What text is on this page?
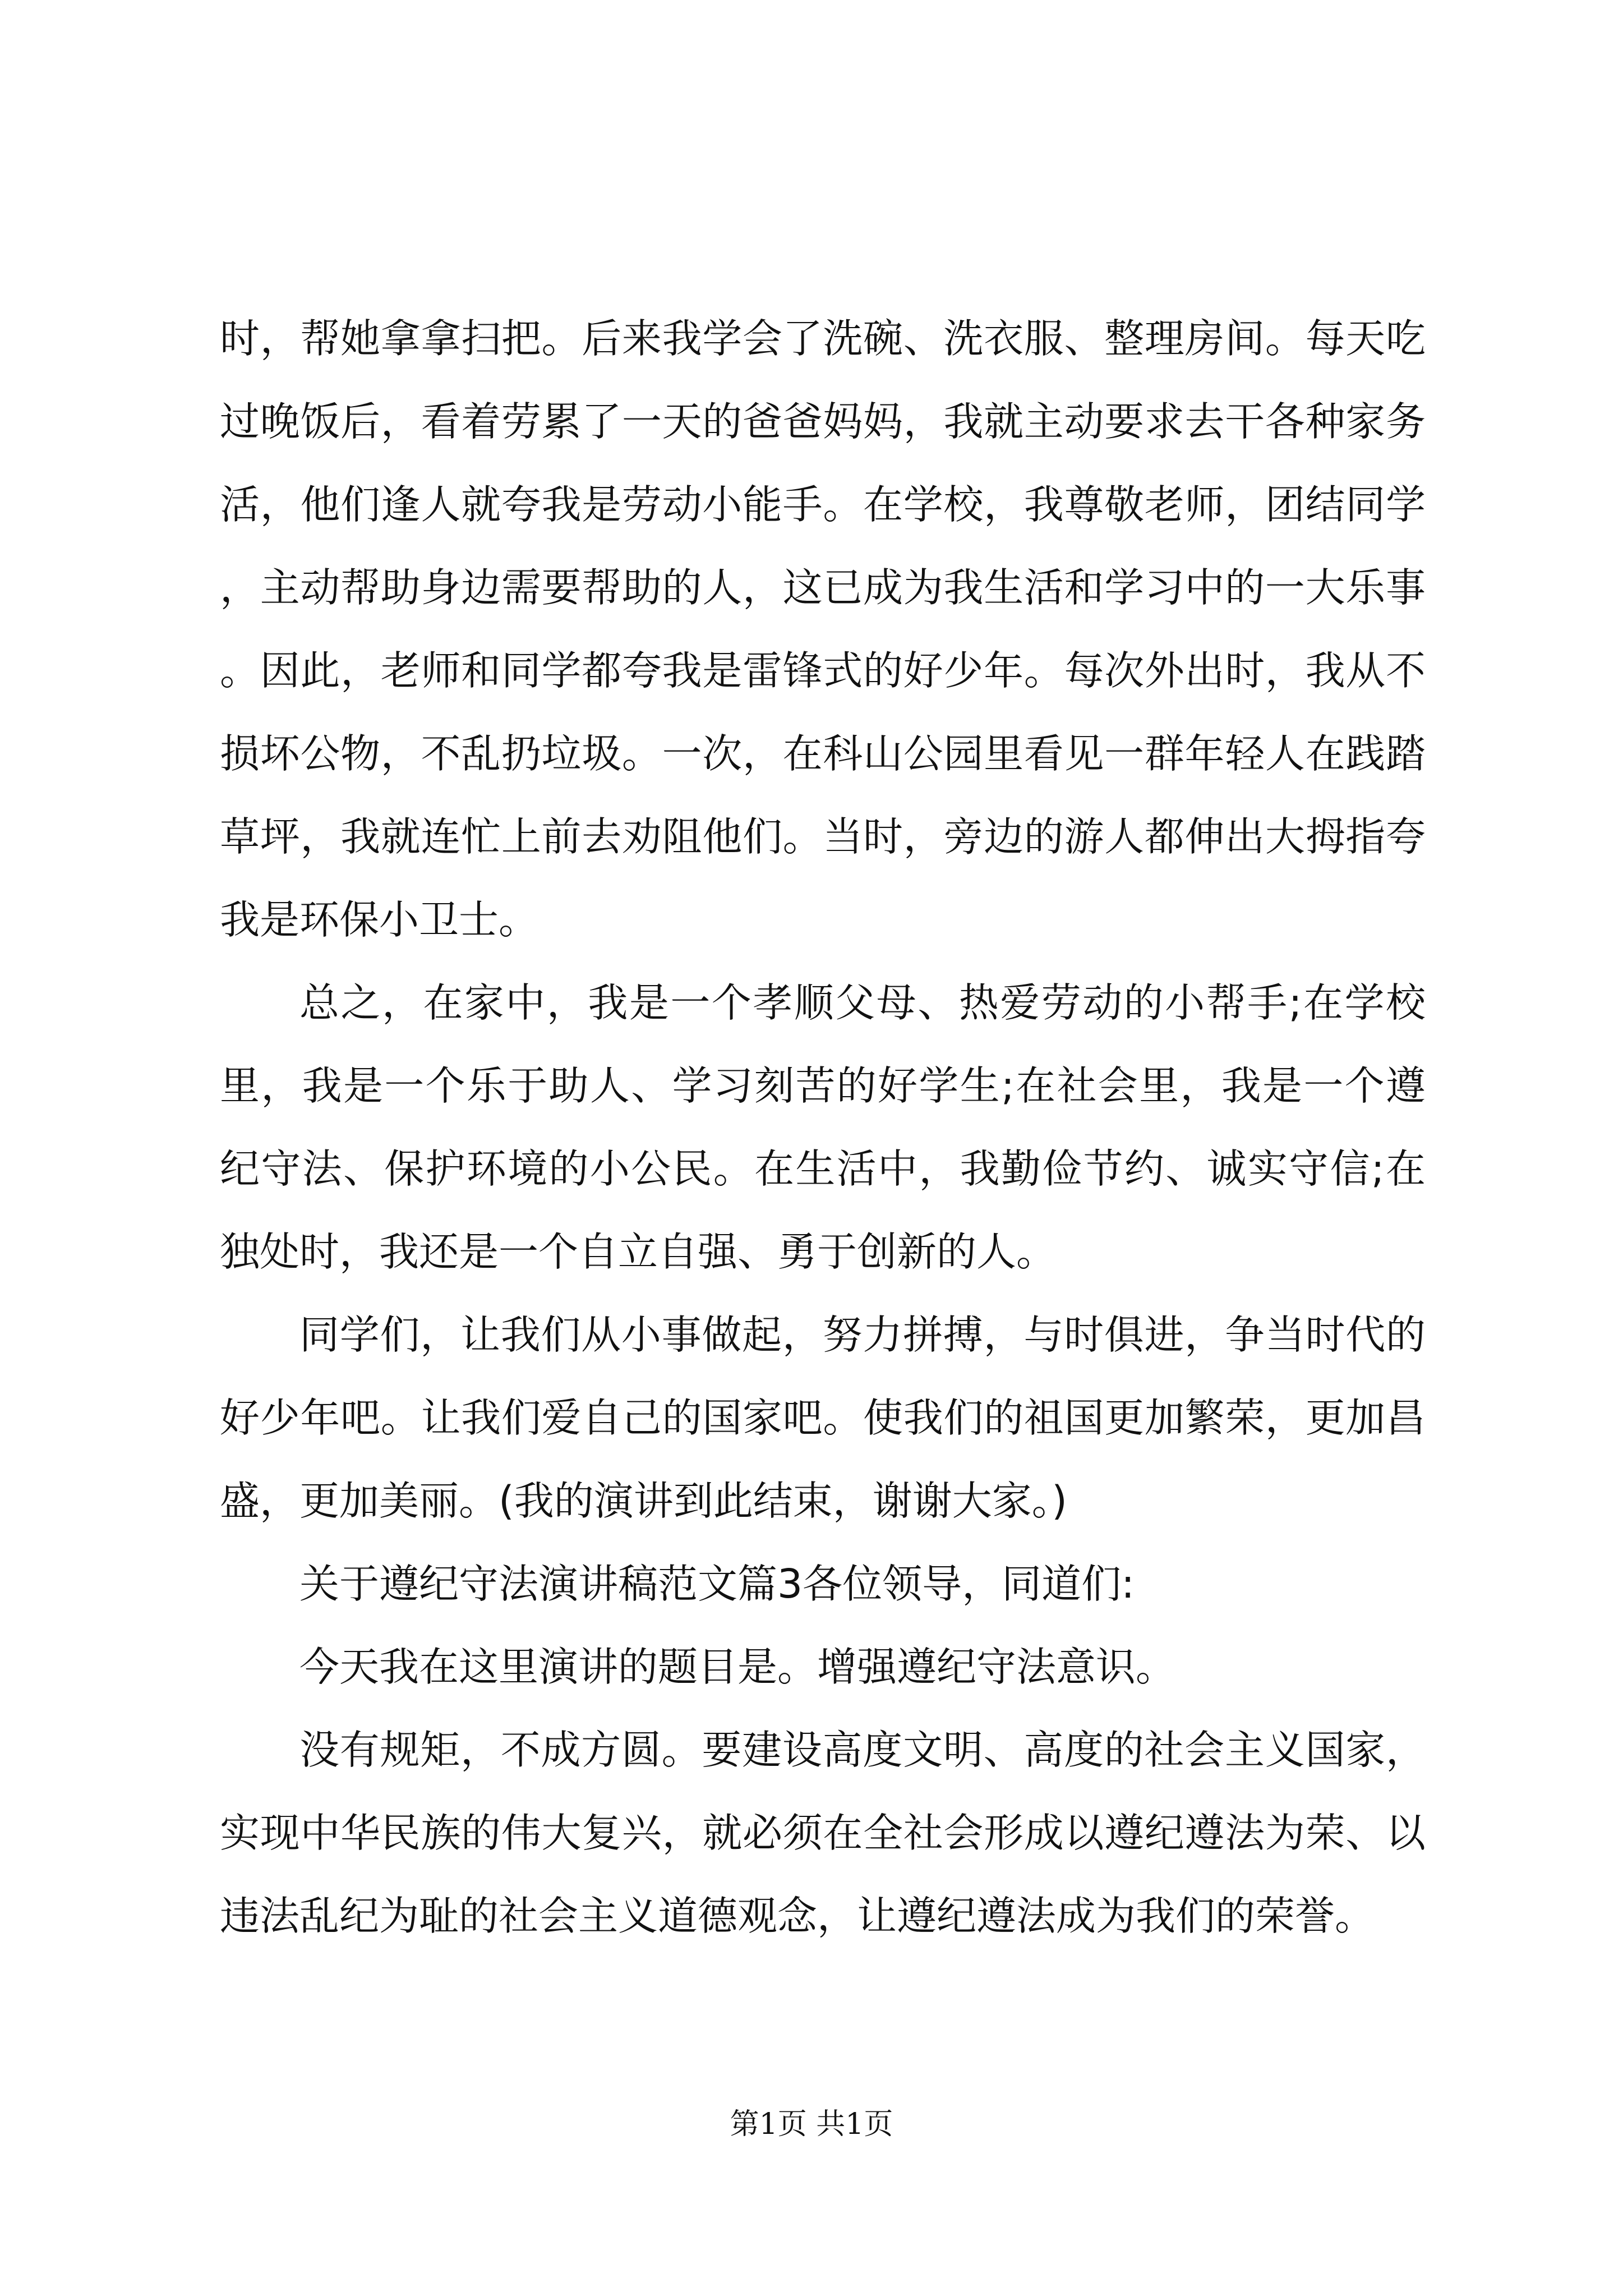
时，帮她拿拿扫把。后来我学会了洗碗、洗衣服、整理房间。每天吃过晚饭后，看着劳累了一天的爸爸妈妈，我就主动要求去干各种家务活，他们逢人就夸我是劳动小能手。在学校，我尊敬老师，团结同学，主动帮助身边需要帮助的人，这已成为我生活和学习中的一大乐事。因此，老师和同学都夸我是雷锋式的好少年。每次外出时，我从不损坏公物，不乱扔垃圾。一次，在科山公园里看见一群年轻人在践踏草坪，我就连忙上前去劝阻他们。当时，旁边的游人都伸出大拇指夸我是环保小卫士。

总之，在家中，我是一个孝顺父母、热爱劳动的小帮手;在学校里，我是一个乐于助人、学习刻苦的好学生;在社会里，我是一个遵纪守法、保护环境的小公民。在生活中，我勤俭节约、诚实守信;在独处时，我还是一个自立自强、勇于创新的人。

同学们，让我们从小事做起，努力拼搏，与时俱进，争当时代的好少年吧。让我们爱自己的国家吧。使我们的祖国更加繁荣，更加昌盛，更加美丽。(我的演讲到此结束，谢谢大家。)

关于遵纪守法演讲稿范文篇3各位领导，同道们:

今天我在这里演讲的题目是。增强遵纪守法意识。

没有规矩，不成方圆。要建设高度文明、高度的社会主义国家，实现中华民族的伟大复兴，就必须在全社会形成以遵纪遵法为荣、以违法乱纪为耻的社会主义道德观念，让遵纪遵法成为我们的荣誉。

第1页 共1页
